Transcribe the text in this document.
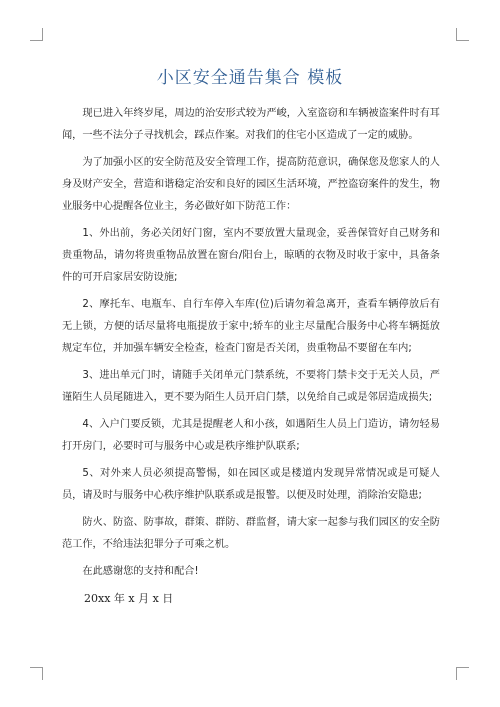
小区安全通告集合 模板

现已进入年终岁尾，周边的治安形式较为严峻，入室盗窃和车辆被盗案件时有耳闻，一些不法分子寻找机会，踩点作案。对我们的住宅小区造成了一定的威胁。

为了加强小区的安全防范及安全管理工作，提高防范意识，确保您及您家人的人身及财产安全，营造和谐稳定治安和良好的园区生活环境，严控盗窃案件的发生，物业服务中心提醒各位业主，务必做好如下防范工作：

1、外出前，务必关闭好门窗，室内不要放置大量现金，妥善保管好自己财务和贵重物品，请勿将贵重物品放置在窗台/阳台上，晾晒的衣物及时收于家中，具备条件的可开启家居安防设施;

2、摩托车、电瓶车、自行车停入车库(位)后请勿着急离开，查看车辆停放后有无上锁，方便的话尽量将电瓶提放于家中;轿车的业主尽量配合服务中心将车辆挺放规定车位，并加强车辆安全检查，检查门窗是否关闭，贵重物品不要留在车内;

3、进出单元门时，请随手关闭单元门禁系统，不要将门禁卡交于无关人员，严谨陌生人员尾随进入，更不要为陌生人员开启门禁，以免给自己或是邻居造成损失;

4、入户门要反锁，尤其是提醒老人和小孩，如遇陌生人员上门造访，请勿轻易打开房门，必要时可与服务中心或是秩序维护队联系;

5、对外来人员必须提高警惕，如在园区或是楼道内发现异常情况或是可疑人员，请及时与服务中心秩序维护队联系或是报警。以便及时处理，消除治安隐患;

防火、防盗、防事故，群策、群防、群监督，请大家一起参与我们园区的安全防范工作，不给违法犯罪分子可乘之机。

在此感谢您的支持和配合!

20xx 年 x 月 x 日
